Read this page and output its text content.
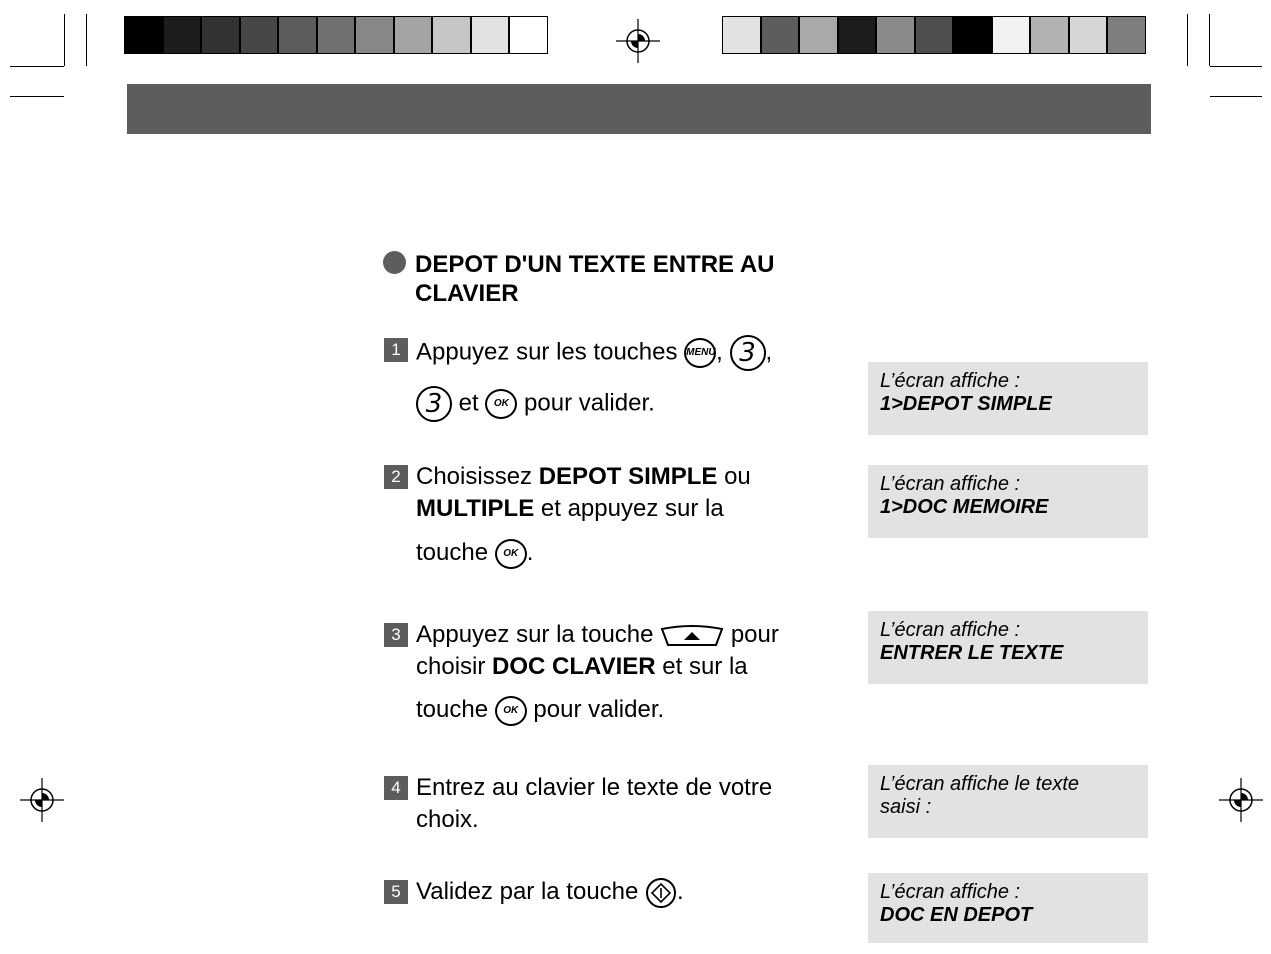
DEPOT D'UN TEXTE ENTRE AU CLAVIER
1 Appuyez sur les touches MENU, 3 ,
3 et OK pour valider.
L’écran affiche :
1>DEPOT SIMPLE
2 Choisissez DEPOT SIMPLE ou
MULTIPLE et appuyez sur la
touche OK .
L’écran affiche :
1>DOC MEMOIRE
3 Appuyez sur la touche	pour
choisir DOC CLAVIER et sur la
touche OK pour valider.
L’écran affiche :
ENTRER LE TEXTE
4 Entrez au clavier le texte de votre
choix.
L’écran affiche le texte
saisi :
5 Validez par la touche .	L’écran affiche :
DOC EN DEPOT
